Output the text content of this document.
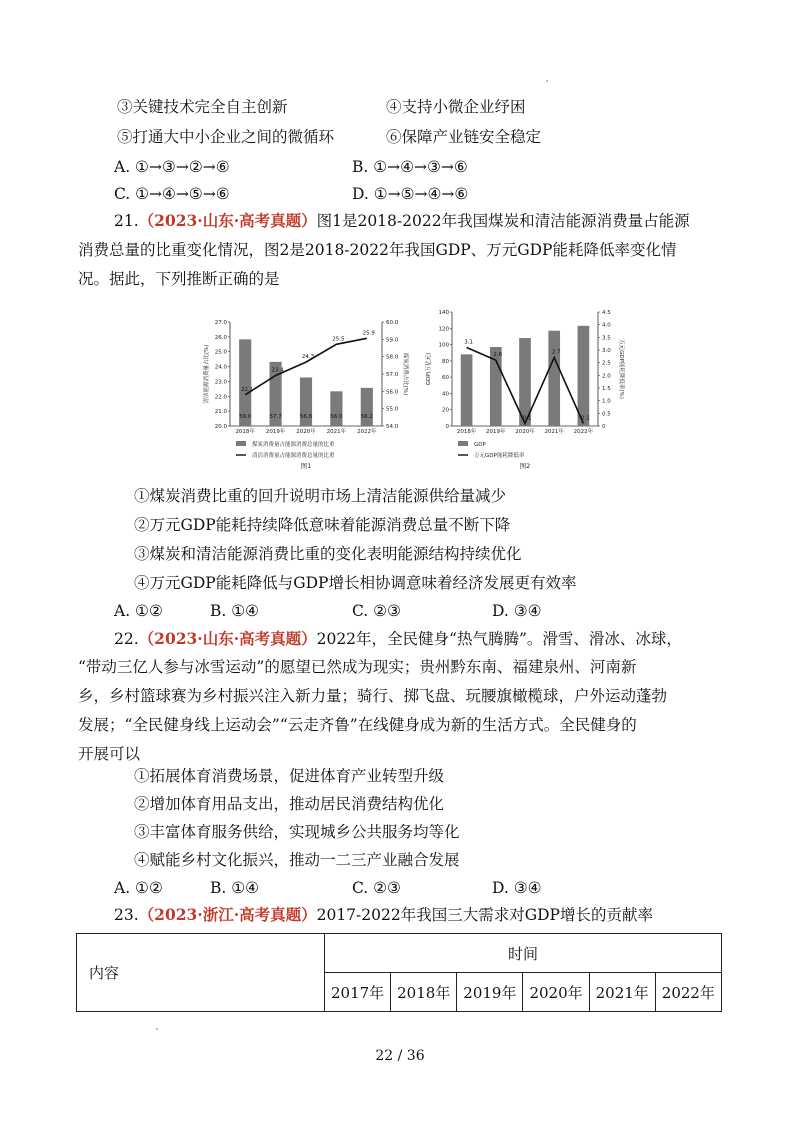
③关键技术完全自主创新	④支持小微企业纾困
⑤打通大中小企业之间的微循环	⑥保障产业链安全稳定
A. ①→③→②→⑥	B. ①→④→③→⑥
C. ①→④→⑤→⑥	D. ①→⑤→④→⑥
21.（2023·山东·高考真题）图1是2018-2022年我国煤炭和清洁能源消费量占能源
消费总量的比重变化情况，图2是2018-2022年我国GDP、万元GDP能耗降低率变化情
况。据此，下列推断正确的是
20.0
21.0
22.0
23.0
24.0
25.0
26.0
27.0
54.0
55.0
56.0
57.0
58.0
59.0
60.0
2018年
59.0
2019年
57.7
2020年
56.8
2021年
56.0
2022年
56.2
22.1
23.4
24.3
25.5
25.9
清洁能源消费量占比(%)	煤炭消费占比(%)
煤炭消费量占能源消费总量的比重
清洁消费量占能源消费总量的比重
图1
0
20
40
60
80
100
120
140
0
0.5
1.0
1.5
2.0
2.5
3.0
3.5
4.0
4.5
2018年 2019年 2020年 2021年 2022年
3.1
2.6
0.1
2.7
0.1
GDP(万亿元)	万元GDP能耗降低率(%)
GDP
万元GDP能耗降低率
图2
①煤炭消费比重的回升说明市场上清洁能源供给量减少
②万元GDP能耗持续降低意味着能源消费总量不断下降
③煤炭和清洁能源消费比重的变化表明能源结构持续优化
④万元GDP能耗降低与GDP增长相协调意味着经济发展更有效率
A. ①②	B. ①④	C. ②③	D. ③④
22.（2023·山东·高考真题）2022年，全民健身“热气腾腾”。滑雪、滑冰、冰球，
“带动三亿人参与冰雪运动”的愿望已然成为现实；贵州黔东南、福建泉州、河南新
乡，乡村篮球赛为乡村振兴注入新力量；骑行、掷飞盘、玩腰旗橄榄球，户外运动蓬勃
发展；“全民健身线上运动会”“云走齐鲁”在线健身成为新的生活方式。全民健身的
开展可以
①拓展体育消费场景，促进体育产业转型升级
②增加体育用品支出，推动居民消费结构优化
③丰富体育服务供给，实现城乡公共服务均等化
④赋能乡村文化振兴，推动一二三产业融合发展
A. ①②	B. ①④	C. ②③	D. ③④
23.（2023·浙江·高考真题）2017-2022年我国三大需求对GDP增长的贡献率
内容	时间					
	2017年	2018年	2019年	2020年	2021年	2022年
22 / 36
